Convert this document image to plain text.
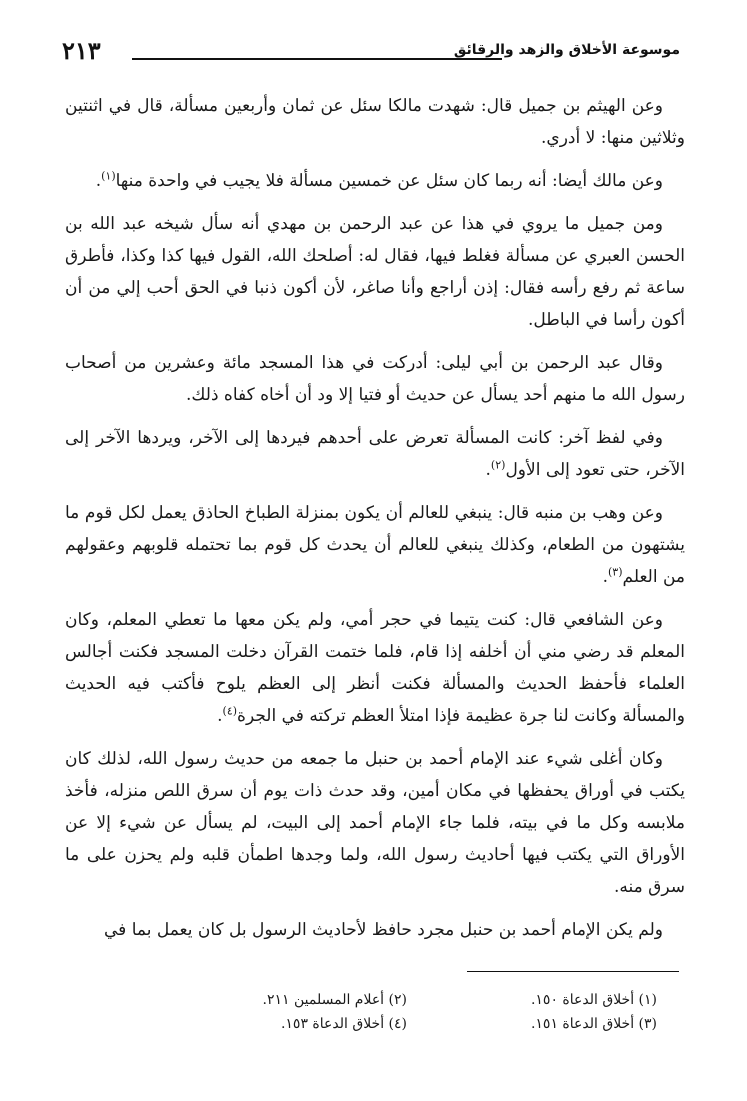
موسوعة الأخلاق والزهد والرقائق
٢١٣

وعن الهيثم بن جميل قال: شهدت مالكا سئل عن ثمان وأربعين مسألة، قال في اثنتين وثلاثين منها: لا أدري.

وعن مالك أيضا: أنه ربما كان سئل عن خمسين مسألة فلا يجيب في واحدة منها$^{(١)}$.

ومن جميل ما يروي في هذا عن عبد الرحمن بن مهدي أنه سأل شيخه عبد الله بن الحسن العبري عن مسألة فغلط فيها، فقال له: أصلحك الله، القول فيها كذا وكذا، فأطرق ساعة ثم رفع رأسه فقال: إذن أراجع وأنا صاغر، لأن أكون ذنبا في الحق أحب إلي من أن أكون رأسا في الباطل.

وقال عبد الرحمن بن أبي ليلى: أدركت في هذا المسجد مائة وعشرين من أصحاب رسول الله ما منهم أحد يسأل عن حديث أو فتيا إلا ود أن أخاه كفاه ذلك.

وفي لفظ آخر: كانت المسألة تعرض على أحدهم فيردها إلى الآخر، ويردها الآخر إلى الآخر، حتى تعود إلى الأول$^{(٢)}$.

وعن وهب بن منبه قال: ينبغي للعالم أن يكون بمنزلة الطباخ الحاذق يعمل لكل قوم ما يشتهون من الطعام، وكذلك ينبغي للعالم أن يحدث كل قوم بما تحتمله قلوبهم وعقولهم من العلم$^{(٣)}$.

وعن الشافعي قال: كنت يتيما في حجر أمي، ولم يكن معها ما تعطي المعلم، وكان المعلم قد رضي مني أن أخلفه إذا قام، فلما ختمت القرآن دخلت المسجد فكنت أجالس العلماء فأحفظ الحديث والمسألة فكنت أنظر إلى العظم يلوح فأكتب فيه الحديث والمسألة وكانت لنا جرة عظيمة فإذا امتلأ العظم تركته في الجرة$^{(٤)}$.

وكان أغلى شيء عند الإمام أحمد بن حنبل ما جمعه من حديث رسول الله، لذلك كان يكتب في أوراق يحفظها في مكان أمين، وقد حدث ذات يوم أن سرق اللص منزله، فأخذ ملابسه وكل ما في بيته، فلما جاء الإمام أحمد إلى البيت، لم يسأل عن شيء إلا عن الأوراق التي يكتب فيها أحاديث رسول الله، ولما وجدها اطمأن قلبه ولم يحزن على ما سرق منه.

ولم يكن الإمام أحمد بن حنبل مجرد حافظ لأحاديث الرسول بل كان يعمل بما في

(١) أخلاق الدعاة ١٥٠.
(٢) أعلام المسلمين ٢١١.
(٣) أخلاق الدعاة ١٥١.
(٤) أخلاق الدعاة ١٥٣.
